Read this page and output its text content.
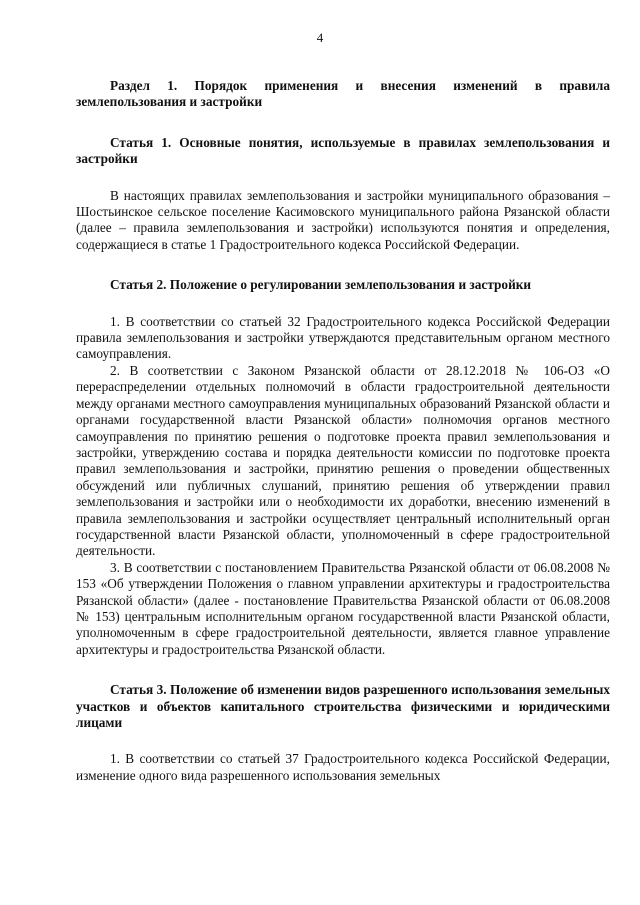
4

Раздел 1. Порядок применения и внесения изменений в правила землепользования и застройки

Статья 1. Основные понятия, используемые в правилах землепользования и застройки

В настоящих правилах землепользования и застройки муниципального образования – Шостьинское сельское поселение Касимовского муниципального района Рязанской области (далее – правила землепользования и застройки) используются понятия и определения, содержащиеся в статье 1 Градостроительного кодекса Российской Федерации.

Статья 2. Положение о регулировании землепользования и застройки

1. В соответствии со статьей 32 Градостроительного кодекса Российской Федерации правила землепользования и застройки утверждаются представительным органом местного самоуправления.

2. В соответствии с Законом Рязанской области от 28.12.2018 № 106-ОЗ «О перераспределении отдельных полномочий в области градостроительной деятельности между органами местного самоуправления муниципальных образований Рязанской области и органами государственной власти Рязанской области» полномочия органов местного самоуправления по принятию решения о подготовке проекта правил землепользования и застройки, утверждению состава и порядка деятельности комиссии по подготовке проекта правил землепользования и застройки, принятию решения о проведении общественных обсуждений или публичных слушаний, принятию решения об утверждении правил землепользования и застройки или о необходимости их доработки, внесению изменений в правила землепользования и застройки осуществляет центральный исполнительный орган государственной власти Рязанской области, уполномоченный в сфере градостроительной деятельности.

3. В соответствии с постановлением Правительства Рязанской области от 06.08.2008 № 153 «Об утверждении Положения о главном управлении архитектуры и градостроительства Рязанской области» (далее - постановление Правительства Рязанской области от 06.08.2008 № 153) центральным исполнительным органом государственной власти Рязанской области, уполномоченным в сфере градостроительной деятельности, является главное управление архитектуры и градостроительства Рязанской области.

Статья 3. Положение об изменении видов разрешенного использования земельных участков и объектов капитального строительства физическими и юридическими лицами

1. В соответствии со статьей 37 Градостроительного кодекса Российской Федерации, изменение одного вида разрешенного использования земельных
